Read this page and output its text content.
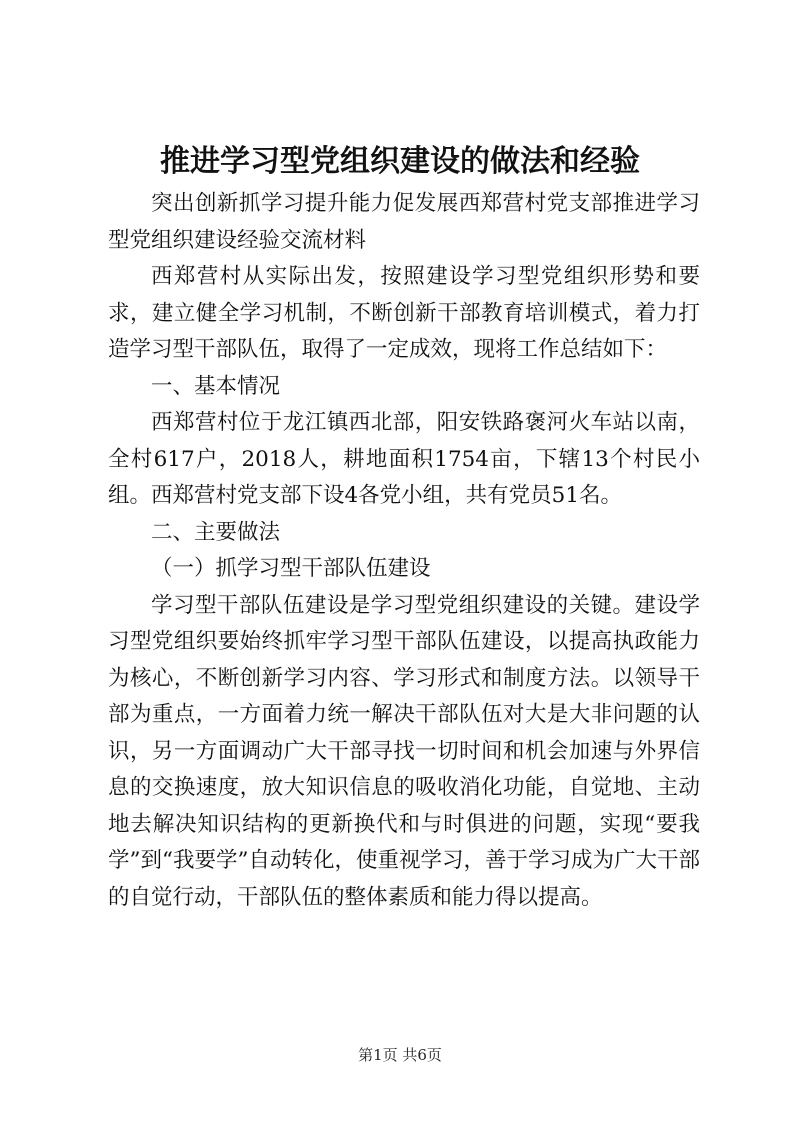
推进学习型党组织建设的做法和经验

突出创新抓学习提升能力促发展西郑营村党支部推进学习型党组织建设经验交流材料

西郑营村从实际出发，按照建设学习型党组织形势和要求，建立健全学习机制，不断创新干部教育培训模式，着力打造学习型干部队伍，取得了一定成效，现将工作总结如下：

一、基本情况

西郑营村位于龙江镇西北部，阳安铁路褒河火车站以南，全村617户，2018人，耕地面积1754亩，下辖13个村民小组。西郑营村党支部下设4各党小组，共有党员51名。

二、主要做法

（一）抓学习型干部队伍建设

学习型干部队伍建设是学习型党组织建设的关键。建设学习型党组织要始终抓牢学习型干部队伍建设，以提高执政能力为核心，不断创新学习内容、学习形式和制度方法。以领导干部为重点，一方面着力统一解决干部队伍对大是大非问题的认识，另一方面调动广大干部寻找一切时间和机会加速与外界信息的交换速度，放大知识信息的吸收消化功能，自觉地、主动地去解决知识结构的更新换代和与时俱进的问题，实现“要我学”到“我要学”自动转化，使重视学习，善于学习成为广大干部的自觉行动，干部队伍的整体素质和能力得以提高。

第1页 共6页
